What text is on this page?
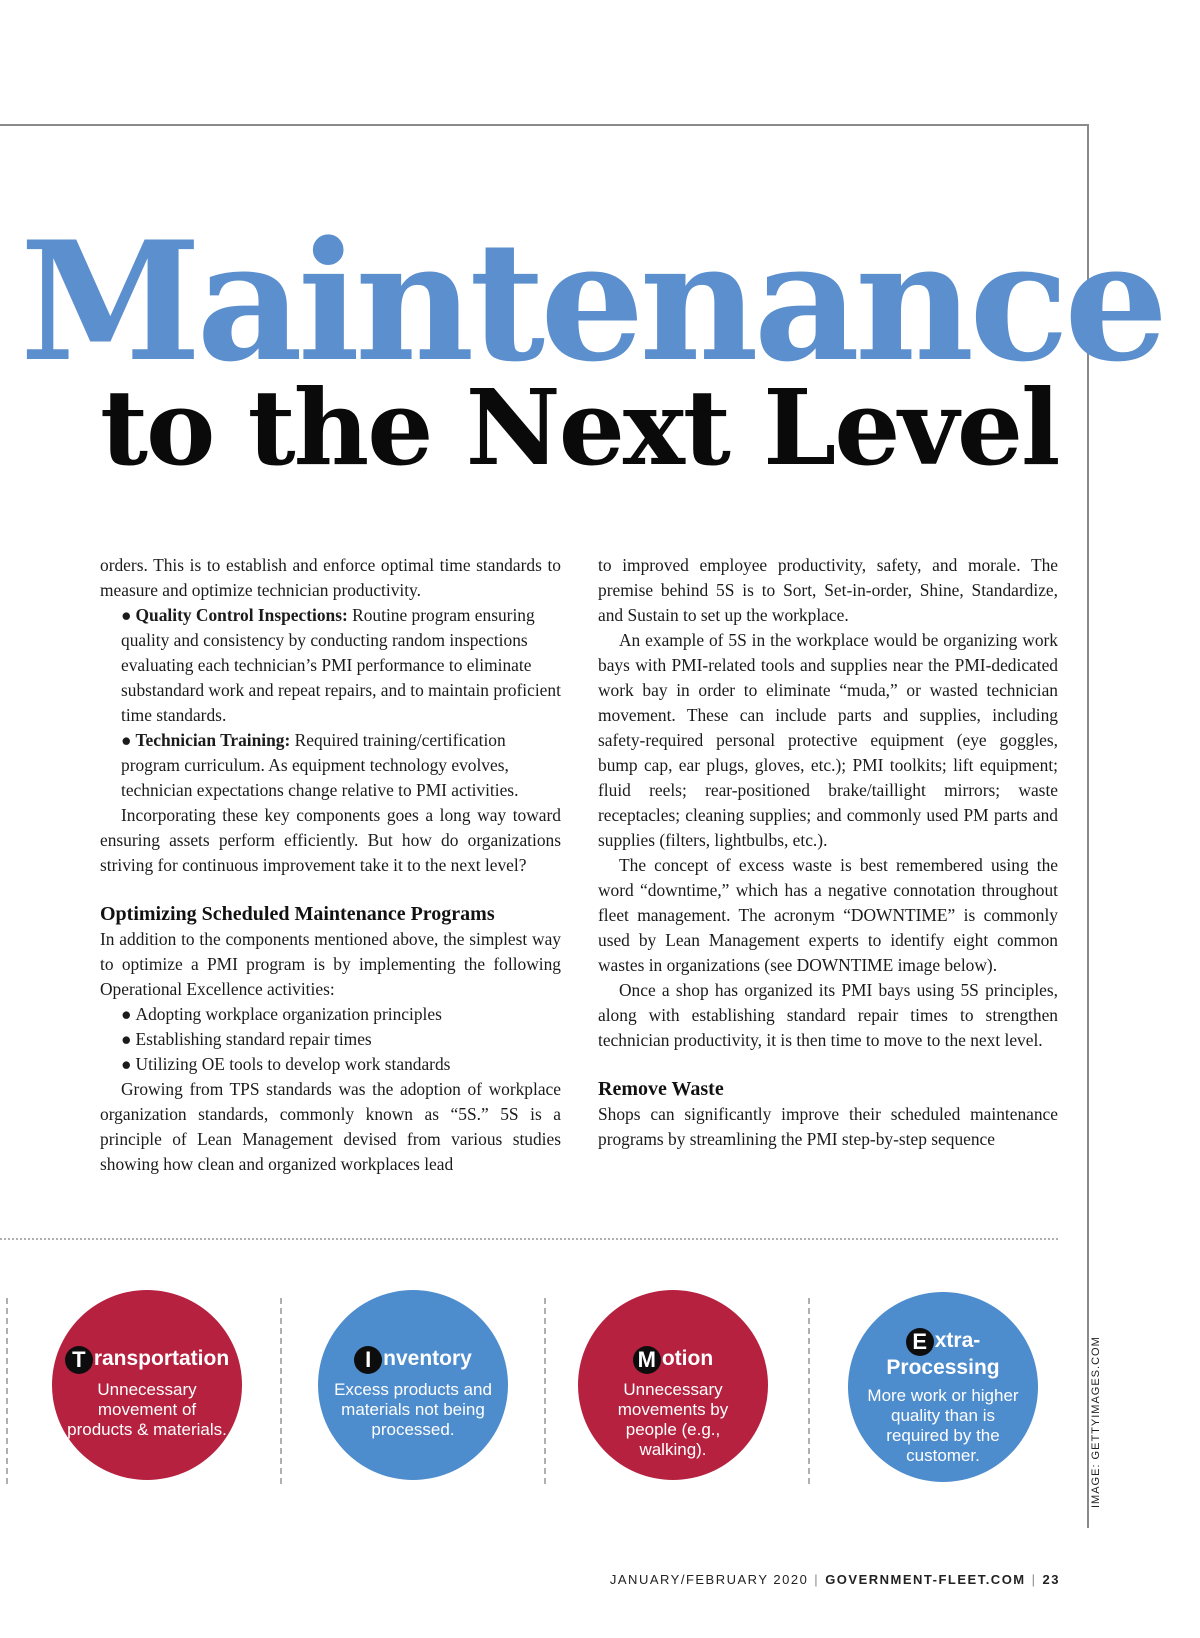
Maintenance
to the Next Level

orders. This is to establish and enforce optimal time standards to measure and optimize technician productivity.

● Quality Control Inspections: Routine program ensuring quality and consistency by conducting random inspections evaluating each technician’s PMI performance to eliminate substandard work and repeat repairs, and to maintain proficient time standards.

● Technician Training: Required training/certification program curriculum. As equipment technology evolves, technician expectations change relative to PMI activities.

Incorporating these key components goes a long way toward ensuring assets perform efficiently. But how do organizations striving for continuous improvement take it to the next level?

Optimizing Scheduled Maintenance Programs

In addition to the components mentioned above, the simplest way to optimize a PMI program is by implementing the following Operational Excellence activities:

● Adopting workplace organization principles

● Establishing standard repair times

● Utilizing OE tools to develop work standards

Growing from TPS standards was the adoption of workplace organization standards, commonly known as “5S.” 5S is a principle of Lean Management devised from various studies showing how clean and organized workplaces lead

to improved employee productivity, safety, and morale. The premise behind 5S is to Sort, Set-in-order, Shine, Standardize, and Sustain to set up the workplace.

An example of 5S in the workplace would be organizing work bays with PMI-related tools and supplies near the PMI-dedicated work bay in order to eliminate “muda,” or wasted technician movement. These can include parts and supplies, including safety-required personal protective equipment (eye goggles, bump cap, ear plugs, gloves, etc.); PMI toolkits; lift equipment; fluid reels; rear-positioned brake/taillight mirrors; waste receptacles; cleaning supplies; and commonly used PM parts and supplies (filters, lightbulbs, etc.).

The concept of excess waste is best remembered using the word “downtime,” which has a negative connotation throughout fleet management. The acronym “DOWNTIME” is commonly used by Lean Management experts to identify eight common wastes in organizations (see DOWNTIME image below).

Once a shop has organized its PMI bays using 5S principles, along with establishing standard repair times to strengthen technician productivity, it is then time to move to the next level.

Remove Waste

Shops can significantly improve their scheduled maintenance programs by streamlining the PMI step-by-step sequence

T ransportation
Unnecessary movement of products & materials.
I nventory
Excess products and materials not being processed.
M otion
Unnecessary movements by people (e.g., walking).
E xtra-
Processing
More work or higher quality than is required by the customer.	IMAGE: GETTYIMAGES.COM
JANUARY/FEBRUARY 2020 | GOVERNMENT-FLEET.COM | 23
